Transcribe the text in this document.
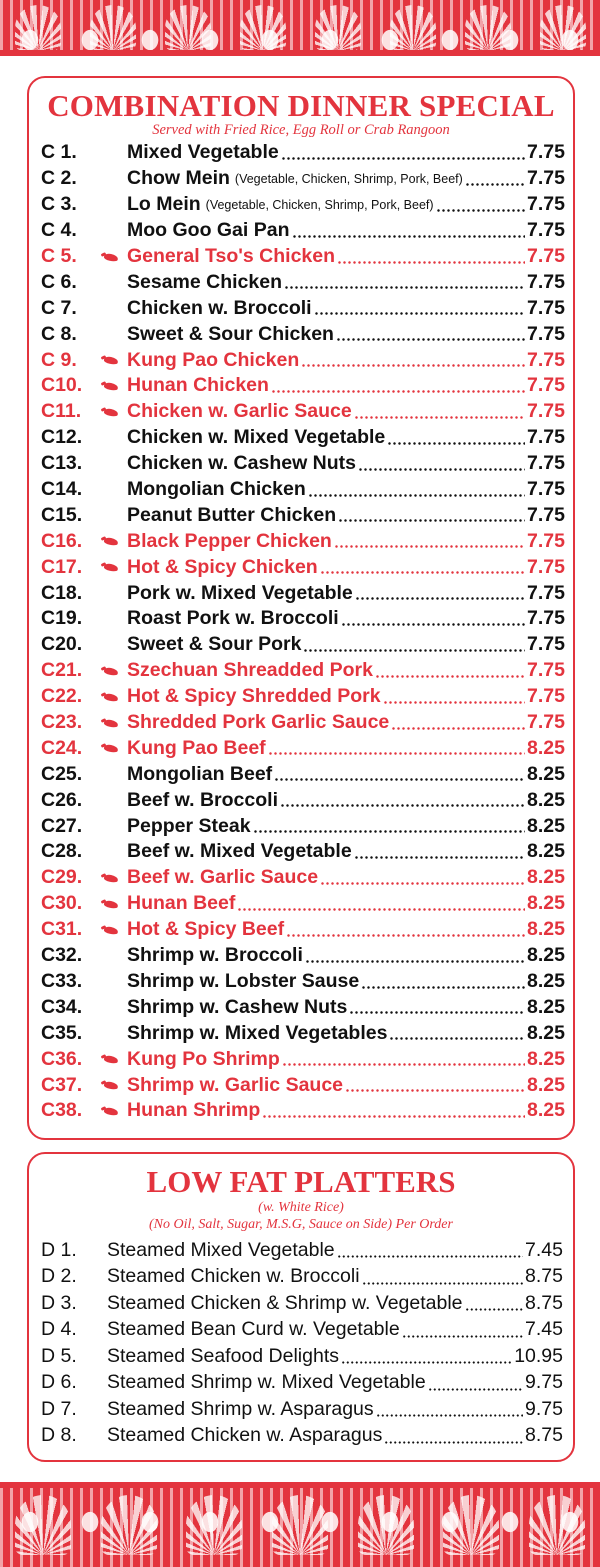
COMBINATION DINNER SPECIAL
Served with Fried Rice, Egg Roll or Crab Rangoon
C 1.	Mixed Vegetable	7.75
C 2.	Chow Mein (Vegetable, Chicken, Shrimp, Pork, Beef)	7.75
C 3.	Lo Mein (Vegetable, Chicken, Shrimp, Pork, Beef)	7.75
C 4.	Moo Goo Gai Pan	7.75
C 5.	General Tso's Chicken	7.75
C 6.	Sesame Chicken	7.75
C 7.	Chicken w. Broccoli	7.75
C 8.	Sweet & Sour Chicken	7.75
C 9.	Kung Pao Chicken	7.75
C10.	Hunan Chicken	7.75
C11.	Chicken w. Garlic Sauce	7.75
C12.	Chicken w. Mixed Vegetable	7.75
C13.	Chicken w. Cashew Nuts	7.75
C14.	Mongolian Chicken	7.75
C15.	Peanut Butter Chicken	7.75
C16.	Black Pepper Chicken	7.75
C17.	Hot & Spicy Chicken	7.75
C18.	Pork w. Mixed Vegetable	7.75
C19.	Roast Pork w. Broccoli	7.75
C20.	Sweet & Sour Pork	7.75
C21.	Szechuan Shreadded Pork	7.75
C22.	Hot & Spicy Shredded Pork	7.75
C23.	Shredded Pork Garlic Sauce	7.75
C24.	Kung Pao Beef	8.25
C25.	Mongolian Beef	8.25
C26.	Beef w. Broccoli	8.25
C27.	Pepper Steak	8.25
C28.	Beef w. Mixed Vegetable	8.25
C29.	Beef w. Garlic Sauce	8.25
C30.	Hunan Beef	8.25
C31.	Hot & Spicy Beef	8.25
C32.	Shrimp w. Broccoli	8.25
C33.	Shrimp w. Lobster Sause	8.25
C34.	Shrimp w. Cashew Nuts	8.25
C35.	Shrimp w. Mixed Vegetables	8.25
C36.	Kung Po Shrimp	8.25
C37.	Shrimp w. Garlic Sauce	8.25
C38.	Hunan Shrimp	8.25
LOW FAT PLATTERS
(w. White Rice)
(No Oil, Salt, Sugar, M.S.G, Sauce on Side) Per Order
D 1.	Steamed Mixed Vegetable	7.45
D 2.	Steamed Chicken w. Broccoli	8.75
D 3.	Steamed Chicken & Shrimp w. Vegetable	8.75
D 4.	Steamed Bean Curd w. Vegetable	7.45
D 5.	Steamed Seafood Delights	10.95
D 6.	Steamed Shrimp w. Mixed Vegetable	9.75
D 7.	Steamed Shrimp w. Asparagus	9.75
D 8.	Steamed Chicken w. Asparagus	8.75
